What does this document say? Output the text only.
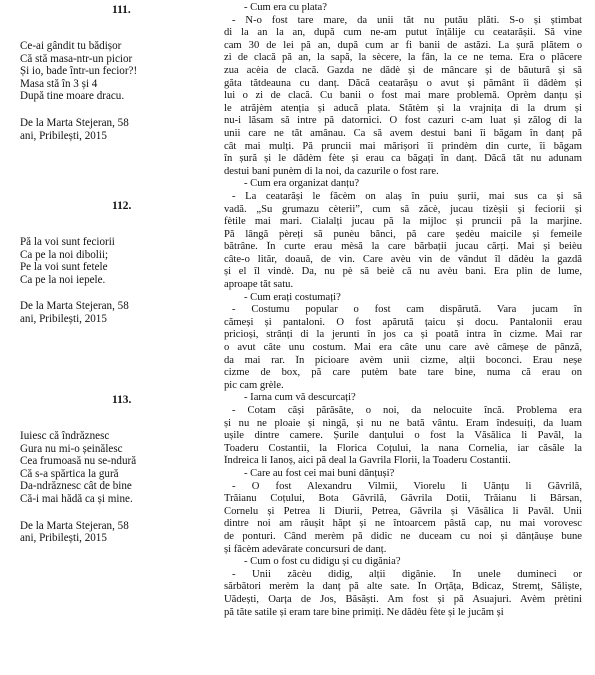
111.
Ce-ai gândit tu bădișor
Că stă masa-ntr-un picior
Și io, bade într-un fecior?!
Masa stă în 3 și 4
După tine moare dracu.
De la Marta Stejeran, 58
ani, Pribilești, 2015
112.
Pă la voi sunt feciorii
Ca pe la noi dibolii;
Pe la voi sunt fetele
Ca pe la noi iepele.
De la Marta Stejeran, 58
ani, Pribilești, 2015
113.
Iuiesc că îndrăznesc
Gura nu mi-o șeinălesc
Cea frumoasă nu se-ndură
Că s-a spărtica la gură
Da-ndrăznesc cât de bine
Că-i mai hădă ca și mine.
De la Marta Stejeran, 58
ani, Pribilești, 2015
- Cum era cu plata?
- N-o fost tare mare, da unii tăt nu putău plăti. S-o și știmbat
di la an la an, după cum ne-am putut înțălije cu ceatarășii. Să vine
cam 30 de lei pă an, după cum ar fi banii de astăzi. La șură plătem o
zi de clacă pă an, la sapă, la sècere, la fân, la ce ne tema. Era o plăcere
zua acèia de clacă. Gazda ne dădè și de mâncare și de băutură și să
găta tătdeauna cu danț. Dăcă ceatarășu o avut și pământ îi dădèm și
lui o zi de clacă. Cu banii o fost mai mare problemă. Oprèm danțu și
le atrăjèm atenția și aducă plata. Stătèm și la vrajnița di la drum și
nu-i lăsam să intre pă datornici. O fost cazuri c-am luat și zălog di la
unii care ne tăt amânau. Ca să avem destui bani îi băgam în danț pă
cât mai mulți. Pă pruncii mai mărișori îi prindèm din curte, îi băgam
în șură și le dădèm fète și erau ca băgați în danț. Dăcă tăt nu adunam
destui bani punèm di la noi, da cazurile o fost rare.
- Cum era organizat danțu?
- La ceatarăși le făcèm on alaș în puiu șurii, mai sus ca și să
vadă. „Su grumazu cèterii”, cum să zăcè, jucau tizèșii și feciorii și
fètile mai mari. Cialalți jucau pă la mijloc și pruncii pă la marjine.
Pă lângă pèreți să punèu bănci, pă care ședèu maicile și femeile
bătrâne. În curte erau mèsă la care bărbații jucau cărți. Mai și beièu
câte-o lităr, doauă, de vin. Care avèu vin de vândut îl dădèu la gazdă
și el îl vindè. Da, nu pè să beiè că nu avèu bani. Era plin de lume,
aproape tăt satu.
- Cum erați costumați?
- Costumu popular o fost cam dispărută. Vara jucam în
cămeși și pantaloni. O fost apărută țaicu și docu. Pantalonii erau
pricioși, strânți di la jerunti în jos ca și poată intra în cizme. Mai rar
o avut câte unu costum. Mai era câte unu care avè câmeșe de pânză,
da mai rar. În picioare avèm unii cizme, alții boconci. Erau neșe
cizme de box, pă care putèm bate tare bine, numa că erau on
pic cam grèle.
- Iarna cum vă descurcați?
- Cotam căși părăsăte, o noi, da nelocuite încă. Problema era
și nu ne ploaie și ningă, și nu ne bată vântu. Eram îndesuiți, da luam
ușile dintre camere. Șurile danțului o fost la Văsălica li Pavăl, la
Toaderu Costantii, la Florica Coțului, la nana Cornelia, iar căsăle la
Îndreica li Ianoș, aici pă deal la Gavrila Florii, la Toaderu Costantii.
- Care au fost cei mai buni dănțuși?
- O fost Alexandru Vilmii, Viorelu li Uănțu li Găvrilă,
Trăianu Coțului, Bota Găvrilă, Găvrila Dotii, Trăianu li Bârsan,
Cornelu și Petrea li Diurii, Petrea, Găvrila și Văsălica li Pavăl. Unii
dintre noi am răușit hăpt și ne întoarcem pâstă cap, nu mai vorovesc
de ponturi. Când merèm pă didic ne duceam cu noi și dănțăușe bune
și făcèm adevărate concursuri de danț.
- Cum o fost cu didigu și cu digănia?
- Unii zăcèu didig, alții digănie. În unele dumineci or
sărbători merèm la danț pă alte sate. În Orțăța, Bdicaz, Stremț, Săliște,
Uădești, Oarța de Jos, Băsăști. Am fost și pă Asuajuri. Avèm prètini
pă tăte satile și eram tare bine primiți. Ne dădèu fète și le jucăm și
